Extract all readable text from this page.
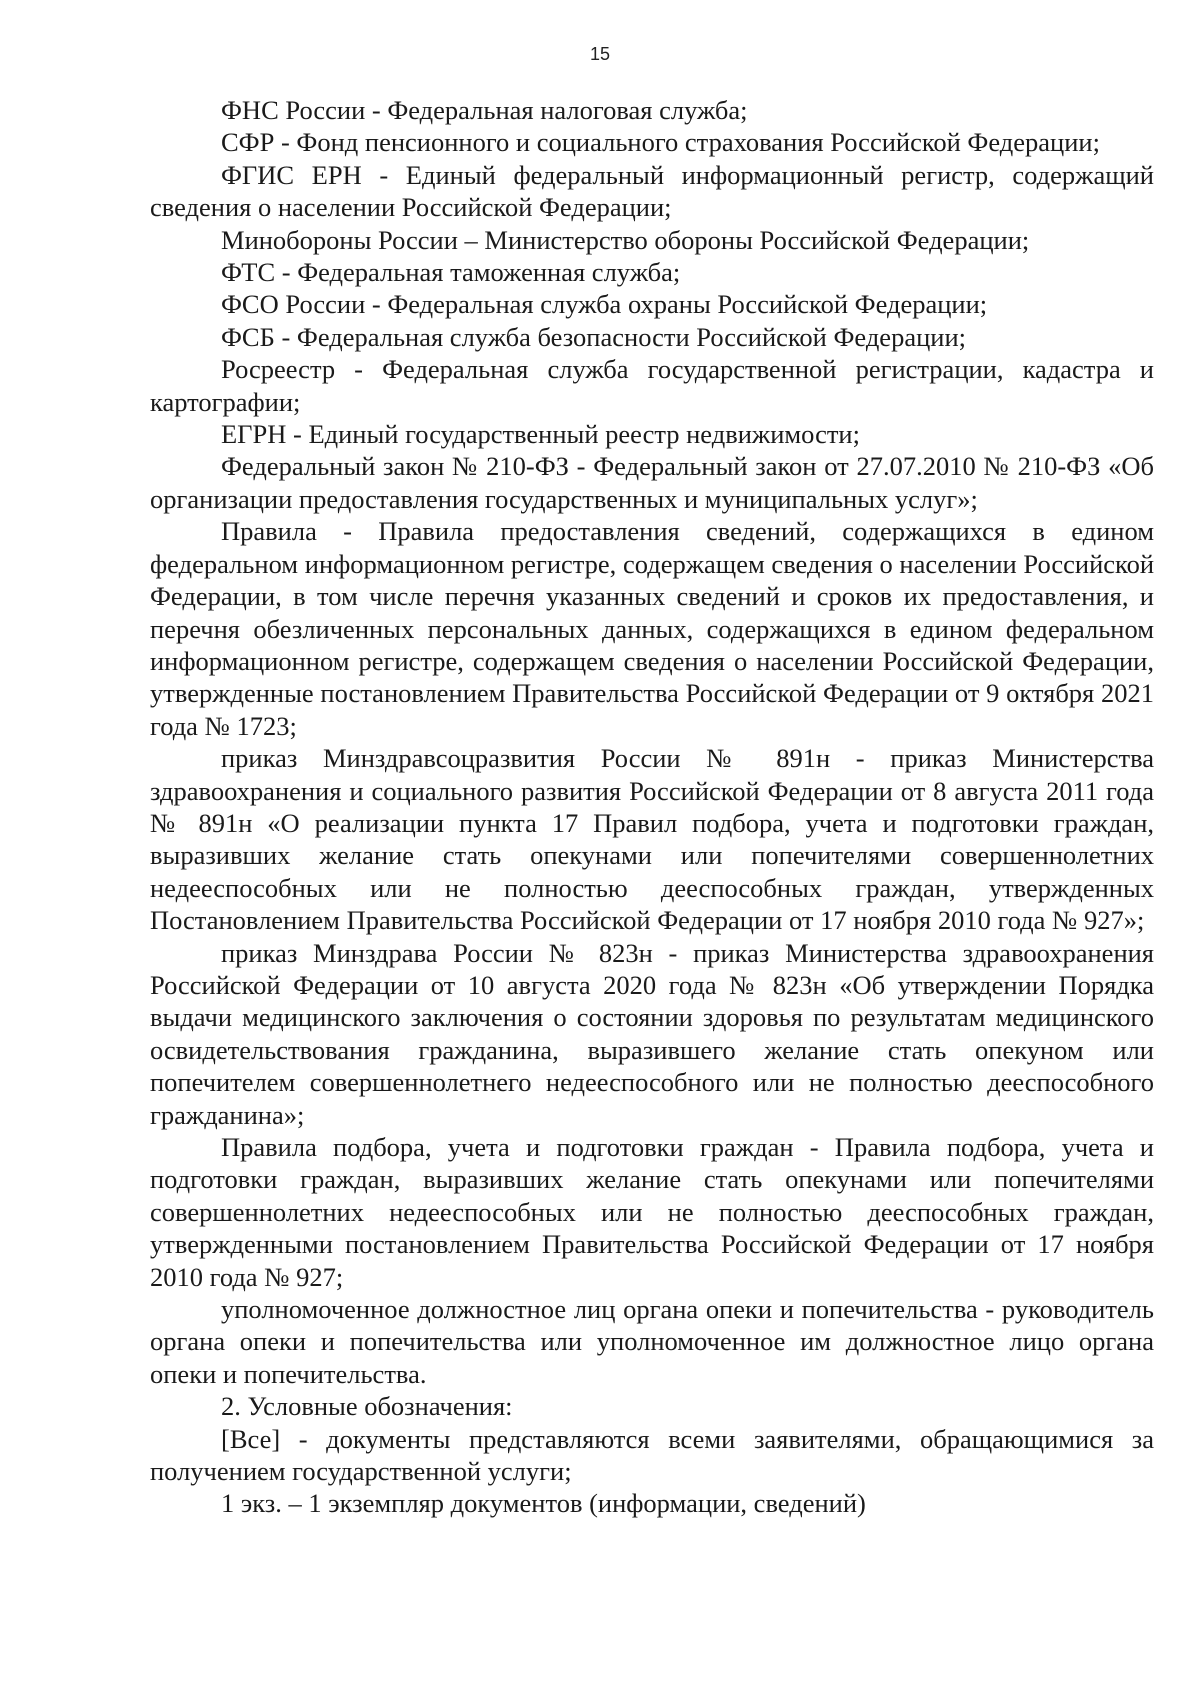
15

ФНС России - Федеральная налоговая служба;

СФР - Фонд пенсионного и социального страхования Российской Федерации;

ФГИС ЕРН - Единый федеральный информационный регистр, содержащий сведения о населении Российской Федерации;

Минобороны России – Министерство обороны Российской Федерации;

ФТС - Федеральная таможенная служба;

ФСО России - Федеральная служба охраны Российской Федерации;

ФСБ - Федеральная служба безопасности Российской Федерации;

Росреестр - Федеральная служба государственной регистрации, кадастра и картографии;

ЕГРН - Единый государственный реестр недвижимости;

Федеральный закон № 210-ФЗ - Федеральный закон от 27.07.2010 № 210-ФЗ «Об организации предоставления государственных и муниципальных услуг»;

Правила - Правила предоставления сведений, содержащихся в едином федеральном информационном регистре, содержащем сведения о населении Российской Федерации, в том числе перечня указанных сведений и сроков их предоставления, и перечня обезличенных персональных данных, содержащихся в едином федеральном информационном регистре, содержащем сведения о населении Российской Федерации, утвержденные постановлением Правительства Российской Федерации от 9 октября 2021 года № 1723;

приказ Минздравсоцразвития России № 891н - приказ Министерства здравоохранения и социального развития Российской Федерации от 8 августа 2011 года № 891н «О реализации пункта 17 Правил подбора, учета и подготовки граждан, выразивших желание стать опекунами или попечителями совершеннолетних недееспособных или не полностью дееспособных граждан, утвержденных Постановлением Правительства Российской Федерации от 17 ноября 2010 года № 927»;

приказ Минздрава России № 823н - приказ Министерства здравоохранения Российской Федерации от 10 августа 2020 года № 823н «Об утверждении Порядка выдачи медицинского заключения о состоянии здоровья по результатам медицинского освидетельствования гражданина, выразившего желание стать опекуном или попечителем совершеннолетнего недееспособного или не полностью дееспособного гражданина»;

Правила подбора, учета и подготовки граждан - Правила подбора, учета и подготовки граждан, выразивших желание стать опекунами или попечителями совершеннолетних недееспособных или не полностью дееспособных граждан, утвержденными постановлением Правительства Российской Федерации от 17 ноября 2010 года № 927;

уполномоченное должностное лиц органа опеки и попечительства - руководитель органа опеки и попечительства или уполномоченное им должностное лицо органа опеки и попечительства.

2. Условные обозначения:

[Все] - документы представляются всеми заявителями, обращающимися за получением государственной услуги;

1 экз. – 1 экземпляр документов (информации, сведений)
